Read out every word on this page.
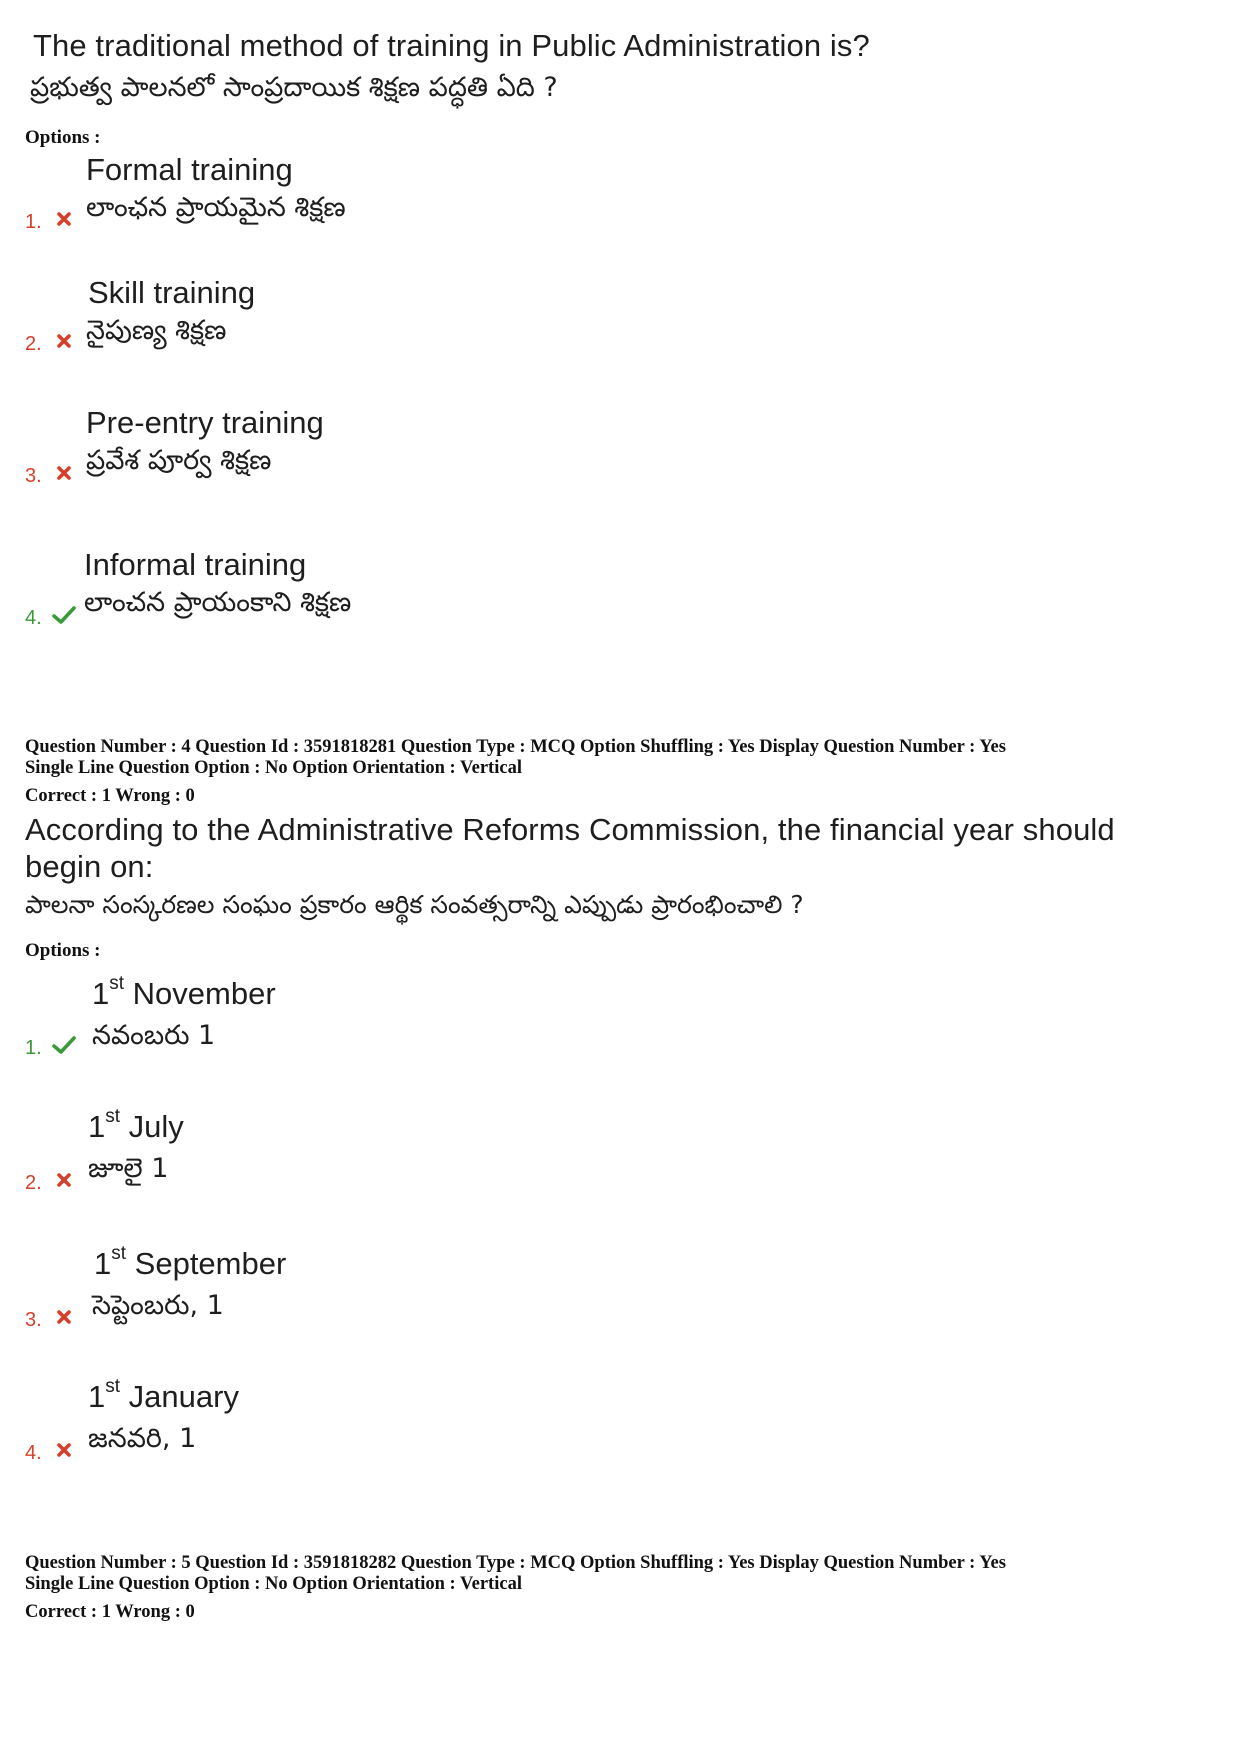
The traditional method of training in Public Administration is?
ప్రభుత్వ పాలనలో సాంప్రదాయిక శిక్షణ పద్ధతి ఏది ?
Options :
Formal training
లాంఛన ప్రాయమైన శిక్షణ
1.
Skill training
నైపుణ్య శిక్షణ
2.
Pre-entry training
ప్రవేశ పూర్వ శిక్షణ
3.
Informal training
లాంచన ప్రాయంకాని శిక్షణ
4.
Question Number : 4 Question Id : 3591818281 Question Type : MCQ Option Shuffling : Yes Display Question Number : Yes
Single Line Question Option : No Option Orientation : Vertical
Correct : 1 Wrong : 0
According to the Administrative Reforms Commission, the financial year should
begin on:
పాలనా సంస్కరణల సంఘం ప్రకారం ఆర్థిక సంవత్సరాన్ని ఎప్పుడు ప్రారంభించాలి ?
Options :
1st November
నవంబరు 1
1.
1st July
జూలై 1
2.
1st September
సెప్టెంబరు, 1
3.
1st January
జనవరి, 1
4.
Question Number : 5 Question Id : 3591818282 Question Type : MCQ Option Shuffling : Yes Display Question Number : Yes
Single Line Question Option : No Option Orientation : Vertical
Correct : 1 Wrong : 0
